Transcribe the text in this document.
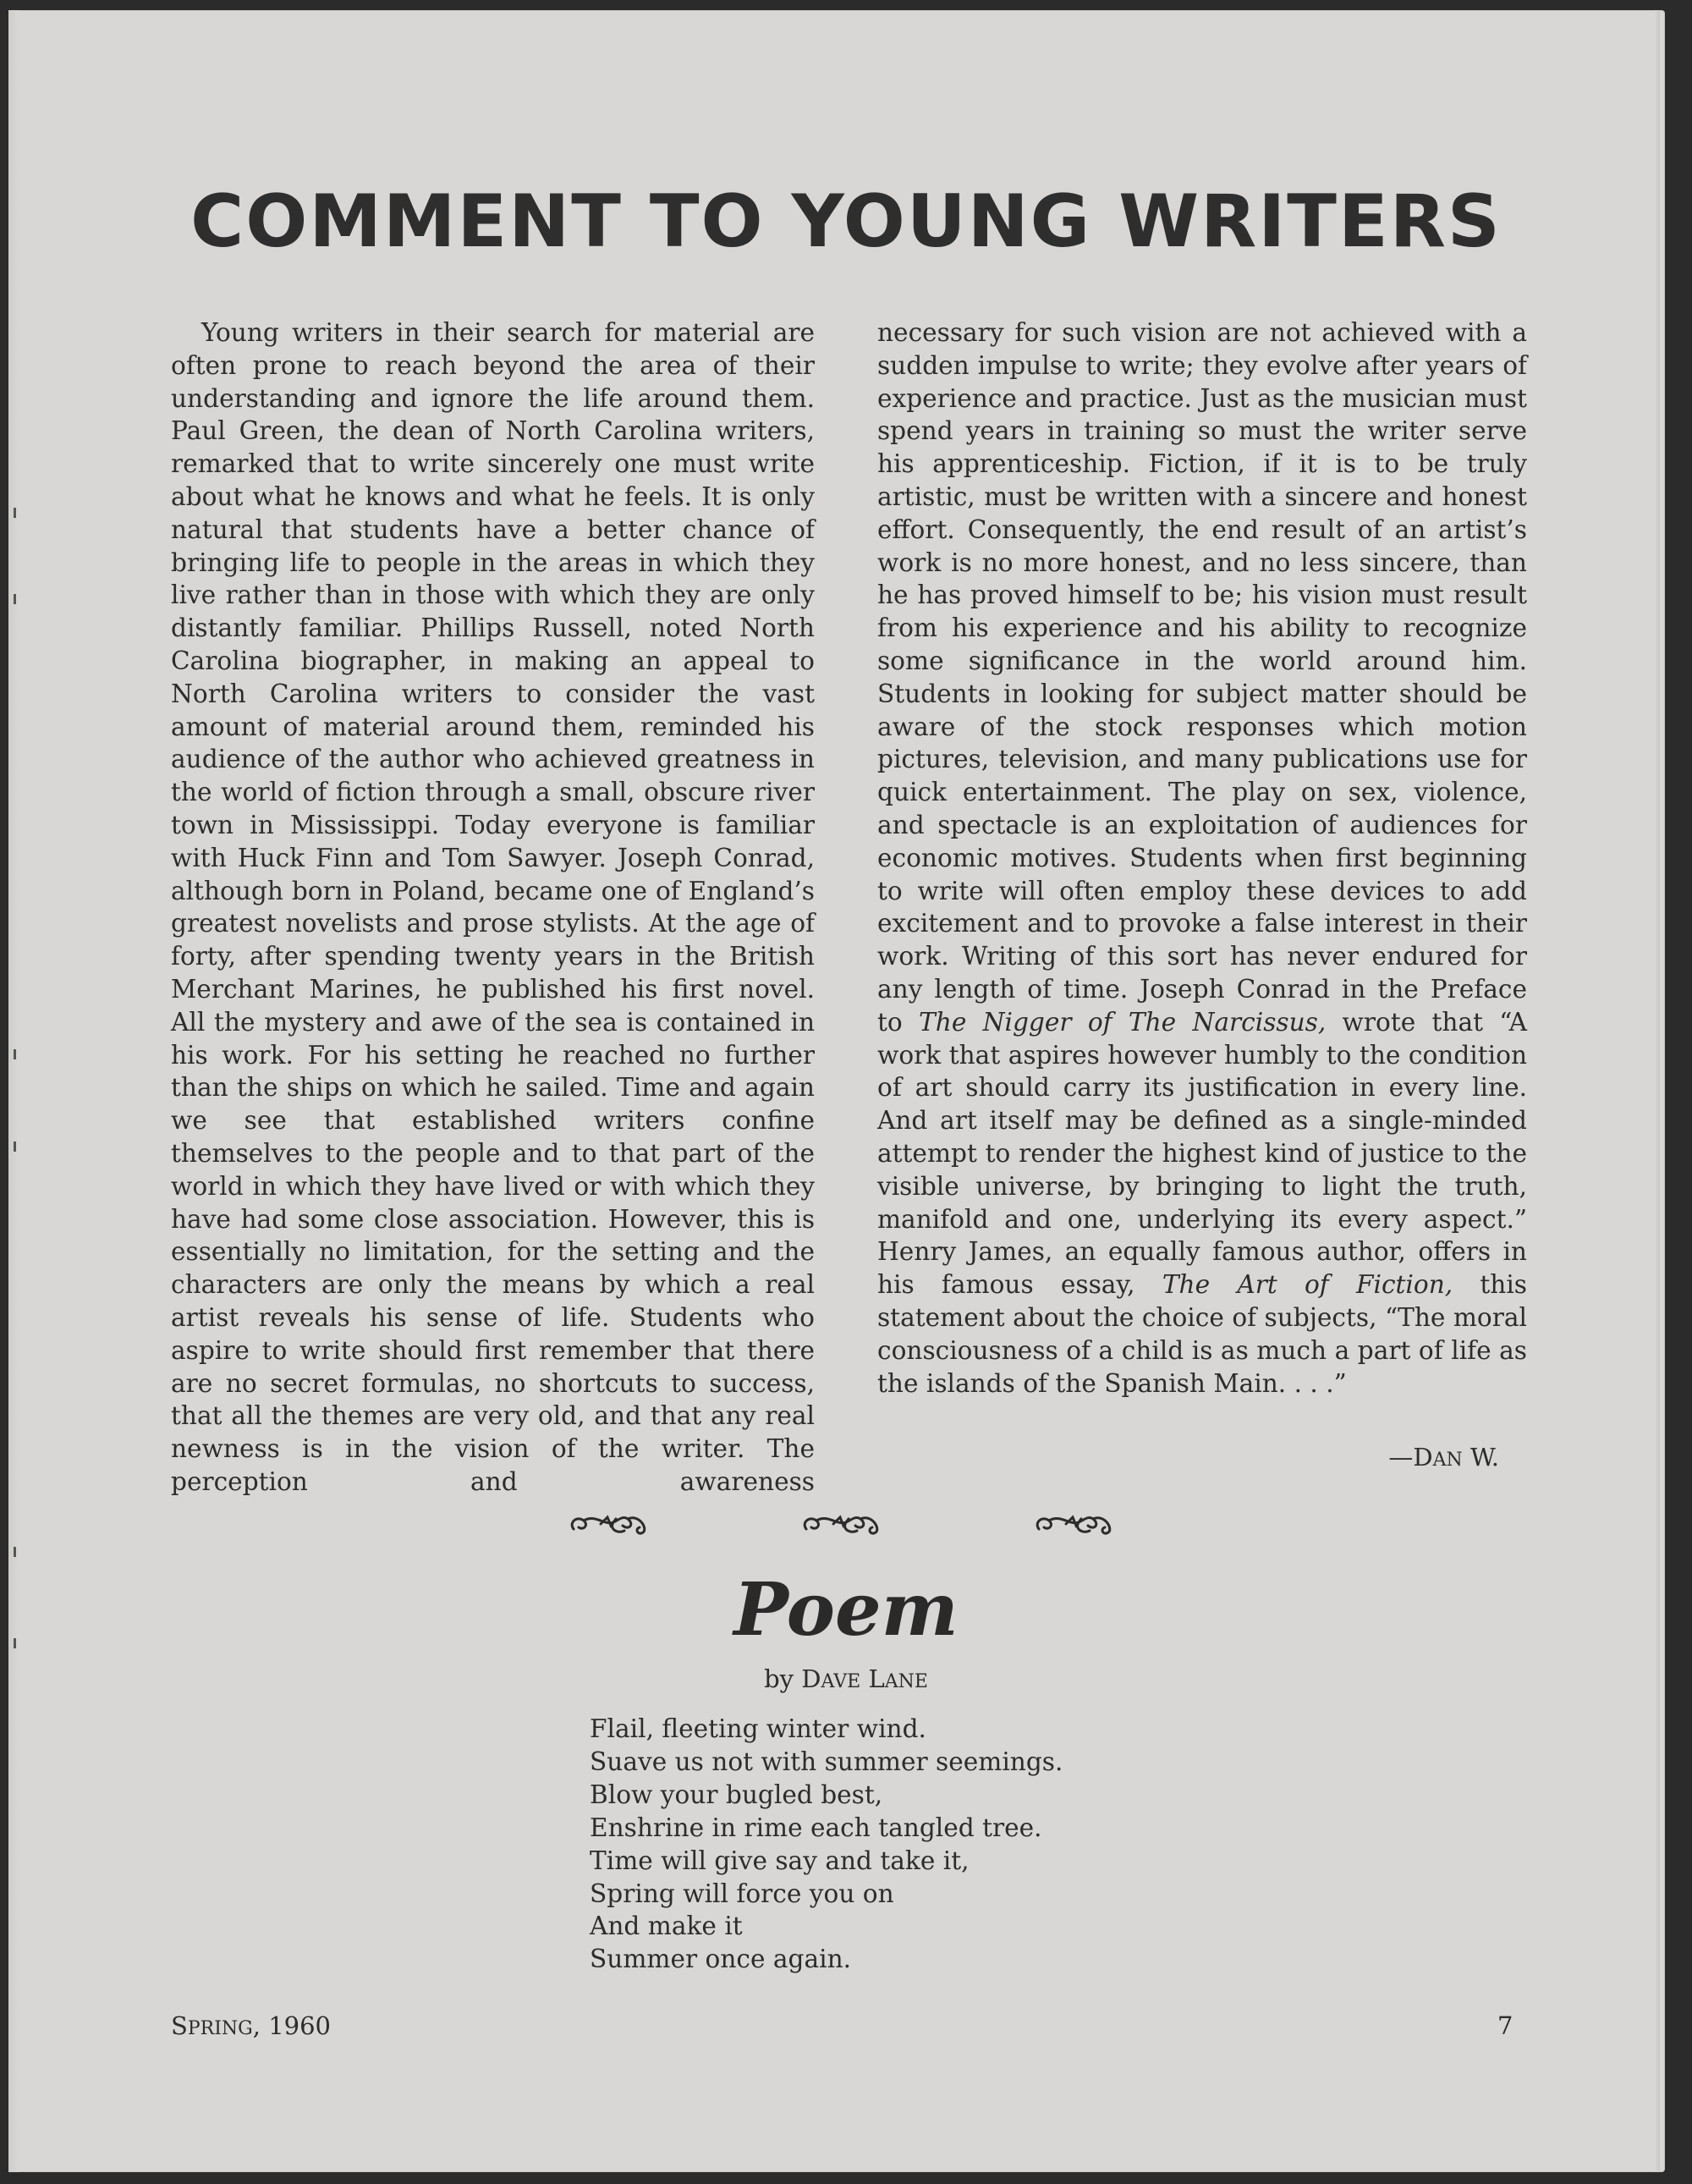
COMMENT TO YOUNG WRITERS

Young writers in their search for material are often prone to reach beyond the area of their understanding and ignore the life around them. Paul Green, the dean of North Carolina writers, remarked that to write sincerely one must write about what he knows and what he feels. It is only natural that students have a better chance of bringing life to people in the areas in which they live rather than in those with which they are only distantly familiar. Phillips Russell, noted North Carolina biographer, in making an appeal to North Carolina writers to consider the vast amount of material around them, reminded his audience of the author who achieved greatness in the world of fiction through a small, obscure river town in Mississippi. Today everyone is familiar with Huck Finn and Tom Sawyer. Joseph Conrad, although born in Poland, became one of England’s greatest novelists and prose stylists. At the age of forty, after spending twenty years in the British Merchant Marines, he published his first novel. All the mystery and awe of the sea is contained in his work. For his setting he reached no further than the ships on which he sailed. Time and again we see that established writers confine themselves to the people and to that part of the world in which they have lived or with which they have had some close association. However, this is essentially no limitation, for the setting and the characters are only the means by which a real artist reveals his sense of life. Students who aspire to write should first remember that there are no secret formulas, no shortcuts to success, that all the themes are very old, and that any real newness is in the vision of the writer. The perception and awareness

necessary for such vision are not achieved with a sudden impulse to write; they evolve after years of experience and practice. Just as the musician must spend years in training so must the writer serve his apprenticeship. Fiction, if it is to be truly artistic, must be written with a sincere and honest effort. Consequently, the end result of an artist’s work is no more honest, and no less sincere, than he has proved himself to be; his vision must result from his experience and his ability to recognize some significance in the world around him. Students in looking for subject matter should be aware of the stock responses which motion pictures, television, and many publications use for quick entertainment. The play on sex, violence, and spectacle is an exploitation of audiences for economic motives. Students when first beginning to write will often employ these devices to add excitement and to provoke a false interest in their work. Writing of this sort has never endured for any length of time. Joseph Conrad in the Preface to The Nigger of The Narcissus, wrote that “A work that aspires however humbly to the condition of art should carry its justification in every line. And art itself may be defined as a single-minded attempt to render the highest kind of justice to the visible universe, by bringing to light the truth, manifold and one, underlying its every aspect.” Henry James, an equally famous author, offers in his famous essay, The Art of Fiction, this statement about the choice of subjects, “The moral consciousness of a child is as much a part of life as the islands of the Spanish Main. . . .”

—DAN W.
Poem
by DAVE LANE
Flail, fleeting winter wind.
Suave us not with summer seemings.
Blow your bugled best,
Enshrine in rime each tangled tree.
Time will give say and take it,
Spring will force you on
And make it
Summer once again.
SPRING, 1960	7
